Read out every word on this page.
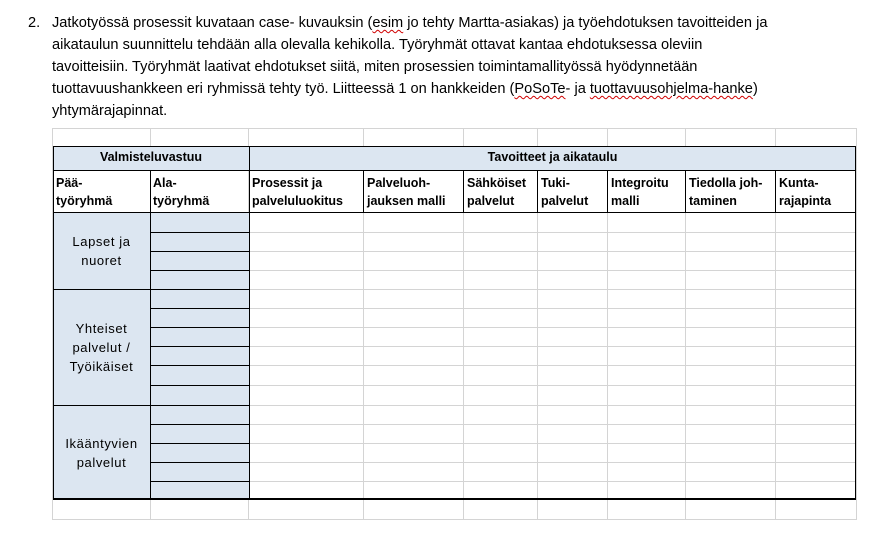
2. Jatkotyössä prosessit kuvataan case- kuvauksin (esim jo tehty Martta-asiakas) ja työehdotuksen tavoitteiden ja
aikataulun suunnittelu tehdään alla olevalla kehikolla. Työryhmät ottavat kantaa ehdotuksessa oleviin
tavoitteisiin. Työryhmät laativat ehdotukset siitä, miten prosessien toimintamallityössä hyödynnetään
tuottavuushankkeen eri ryhmissä tehty työ. Liitteessä 1 on hankkeiden (PoSoTe- ja tuottavuusohjelma-hanke)
yhtymärajapinnat.
Valmisteluvastuu	Tavoitteet ja aikataulu
Pää-
työryhmä
Ala-
työryhmä
Prosessit ja
palveluluokitus
Palveluoh-
jauksen malli
Sähköiset
palvelut
Tuki-
palvelut
Integroitu
malli
Tiedolla joh-
taminen
Kunta-
rajapinta
Lapset ja
nuoret
Yhteiset
palvelut /
Työikäiset
Ikääntyvien
palvelut
